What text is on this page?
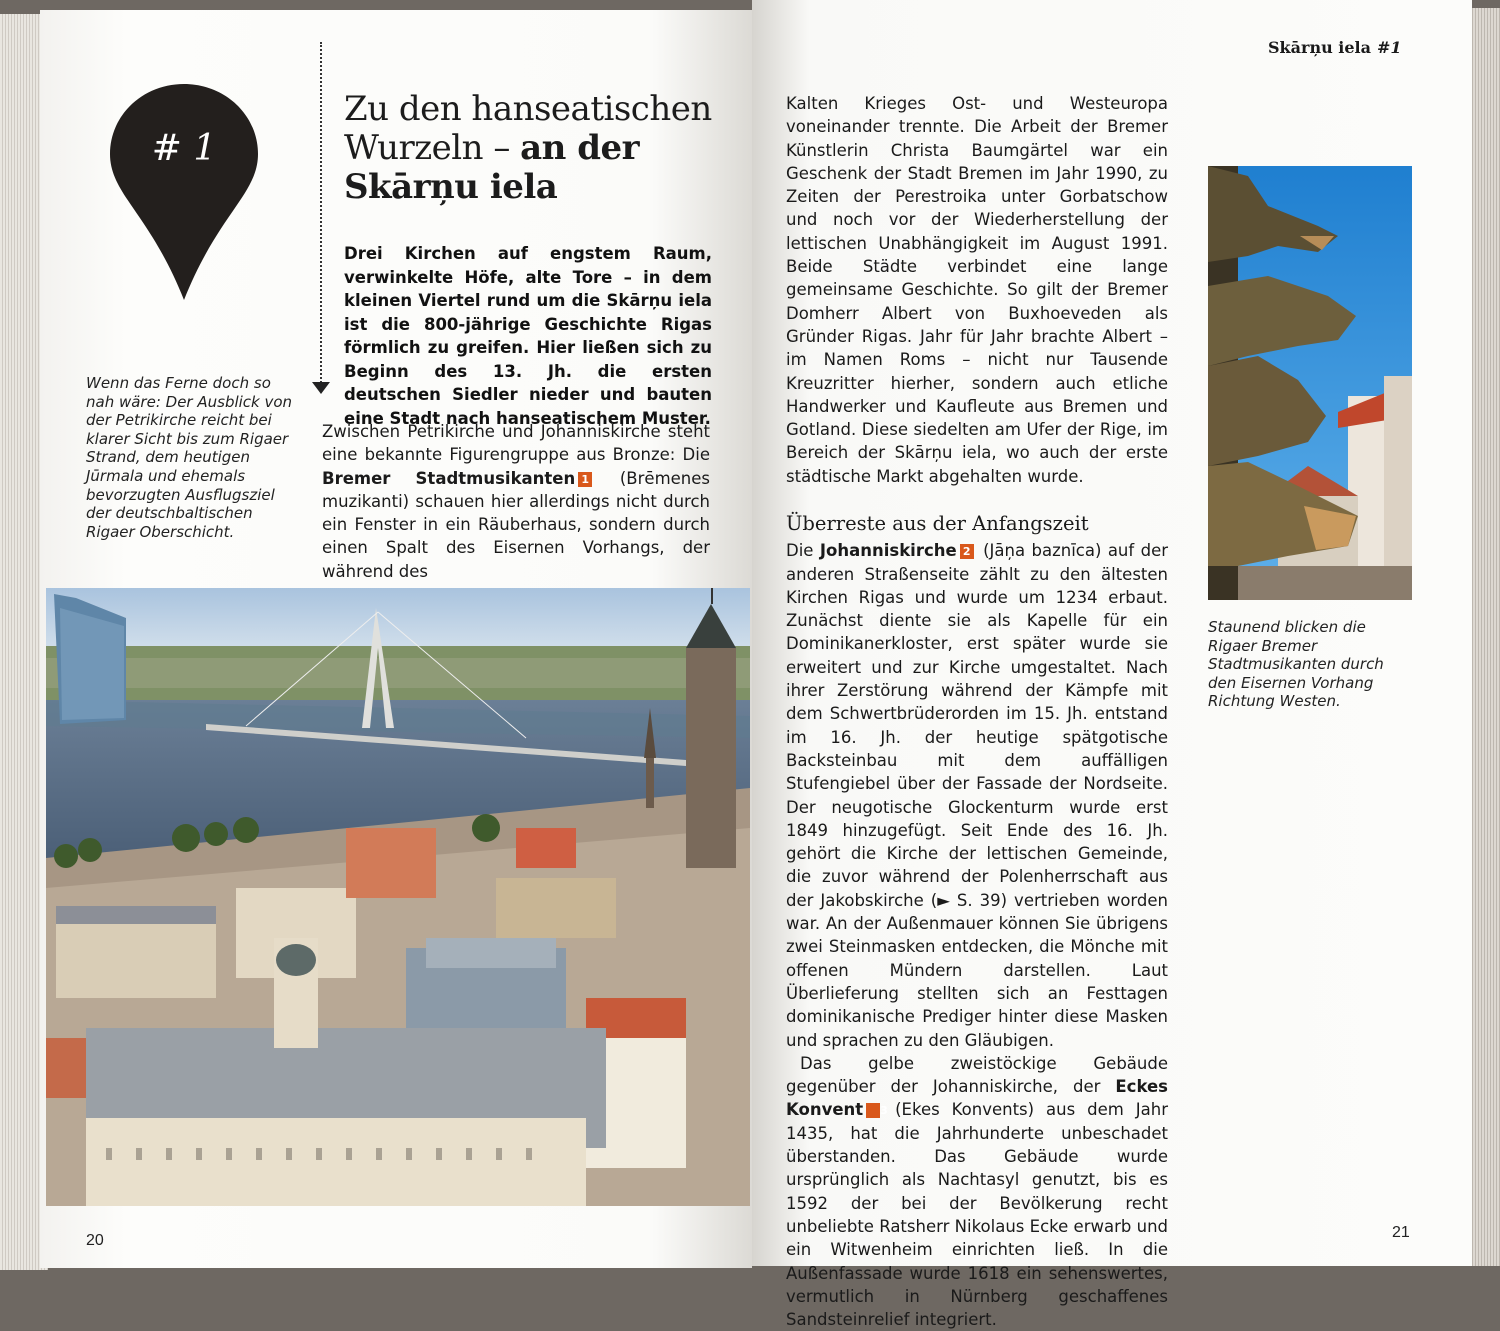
# 1
Zu den hanseatischen
Wurzeln – an der
Skārņu iela
Drei Kirchen auf engstem Raum, verwinkelte Höfe, alte Tore – in dem kleinen Viertel rund um die Skārņu iela ist die 800-jährige Geschichte Rigas förmlich zu greifen. Hier ließen sich zu Beginn des 13. Jh. die ersten deutschen Siedler nieder und bauten eine Stadt nach hanseatischem Muster.
Wenn das Ferne doch so nah wäre: Der Ausblick von der Petrikirche reicht bei klarer Sicht bis zum Rigaer Strand, dem heutigen Jūrmala und ehemals bevorzugten Ausflugsziel der deutschbaltischen Rigaer Oberschicht.
Zwischen Petrikirche und Johanniskirche steht eine bekannte Figurengruppe aus Bronze: Die Bremer Stadtmusikanten 1 (Brēmenes muzikanti) schauen hier allerdings nicht durch ein Fenster in ein Räuberhaus, sondern durch einen Spalt des Eisernen Vorhangs, der während des
20
Skārņu iela #1
Kalten Krieges Ost- und Westeuropa voneinander trennte. Die Arbeit der Bremer Künstlerin Christa Baumgärtel war ein Geschenk der Stadt Bremen im Jahr 1990, zu Zeiten der Perestroika unter Gorbatschow und noch vor der Wiederherstellung der lettischen Unabhängigkeit im August 1991. Beide Städte verbindet eine lange gemeinsame Geschichte. So gilt der Bremer Domherr Albert von Buxhoeveden als Gründer Rigas. Jahr für Jahr brachte Albert – im Namen Roms – nicht nur Tausende Kreuzritter hierher, sondern auch etliche Handwerker und Kaufleute aus Bremen und Gotland. Diese siedelten am Ufer der Rige, im Bereich der Skārņu iela, wo auch der erste städtische Markt abgehalten wurde.
Überreste aus der Anfangszeit
Die Johanniskirche 2 (Jāņa baznīca) auf der anderen Straßenseite zählt zu den ältesten Kirchen Rigas und wurde um 1234 erbaut. Zunächst diente sie als Kapelle für ein Dominikanerkloster, erst später wurde sie erweitert und zur Kirche umgestaltet. Nach ihrer Zerstörung während der Kämpfe mit dem Schwertbrüderorden im 15. Jh. entstand im 16. Jh. der heutige spätgotische Backsteinbau mit dem auffälligen Stufengiebel über der Fassade der Nordseite. Der neugotische Glockenturm wurde erst 1849 hinzugefügt. Seit Ende des 16. Jh. gehört die Kirche der lettischen Gemeinde, die zuvor während der Polenherrschaft aus der Jakobskirche (► S. 39) vertrieben worden war. An der Außenmauer können Sie übrigens zwei Steinmasken entdecken, die Mönche mit offenen Mündern darstellen. Laut Überlieferung stellten sich an Festtagen dominikanische Prediger hinter diese Masken und sprachen zu den Gläubigen.
Das gelbe zweistöckige Gebäude gegenüber der Johanniskirche, der Eckes Konvent 3 (Ekes Konvents) aus dem Jahr 1435, hat die Jahrhunderte unbeschadet überstanden. Das Gebäude wurde ursprünglich als Nachtasyl genutzt, bis es 1592 der bei der Bevölkerung recht unbeliebte Ratsherr Nikolaus Ecke erwarb und ein Witwenheim einrichten ließ. In die Außenfassade wurde 1618 ein sehenswertes, vermutlich in Nürnberg geschaffenes Sandsteinrelief integriert.
Staunend blicken die Rigaer Bremer Stadtmusikanten durch den Eisernen Vorhang Richtung Westen.
21
